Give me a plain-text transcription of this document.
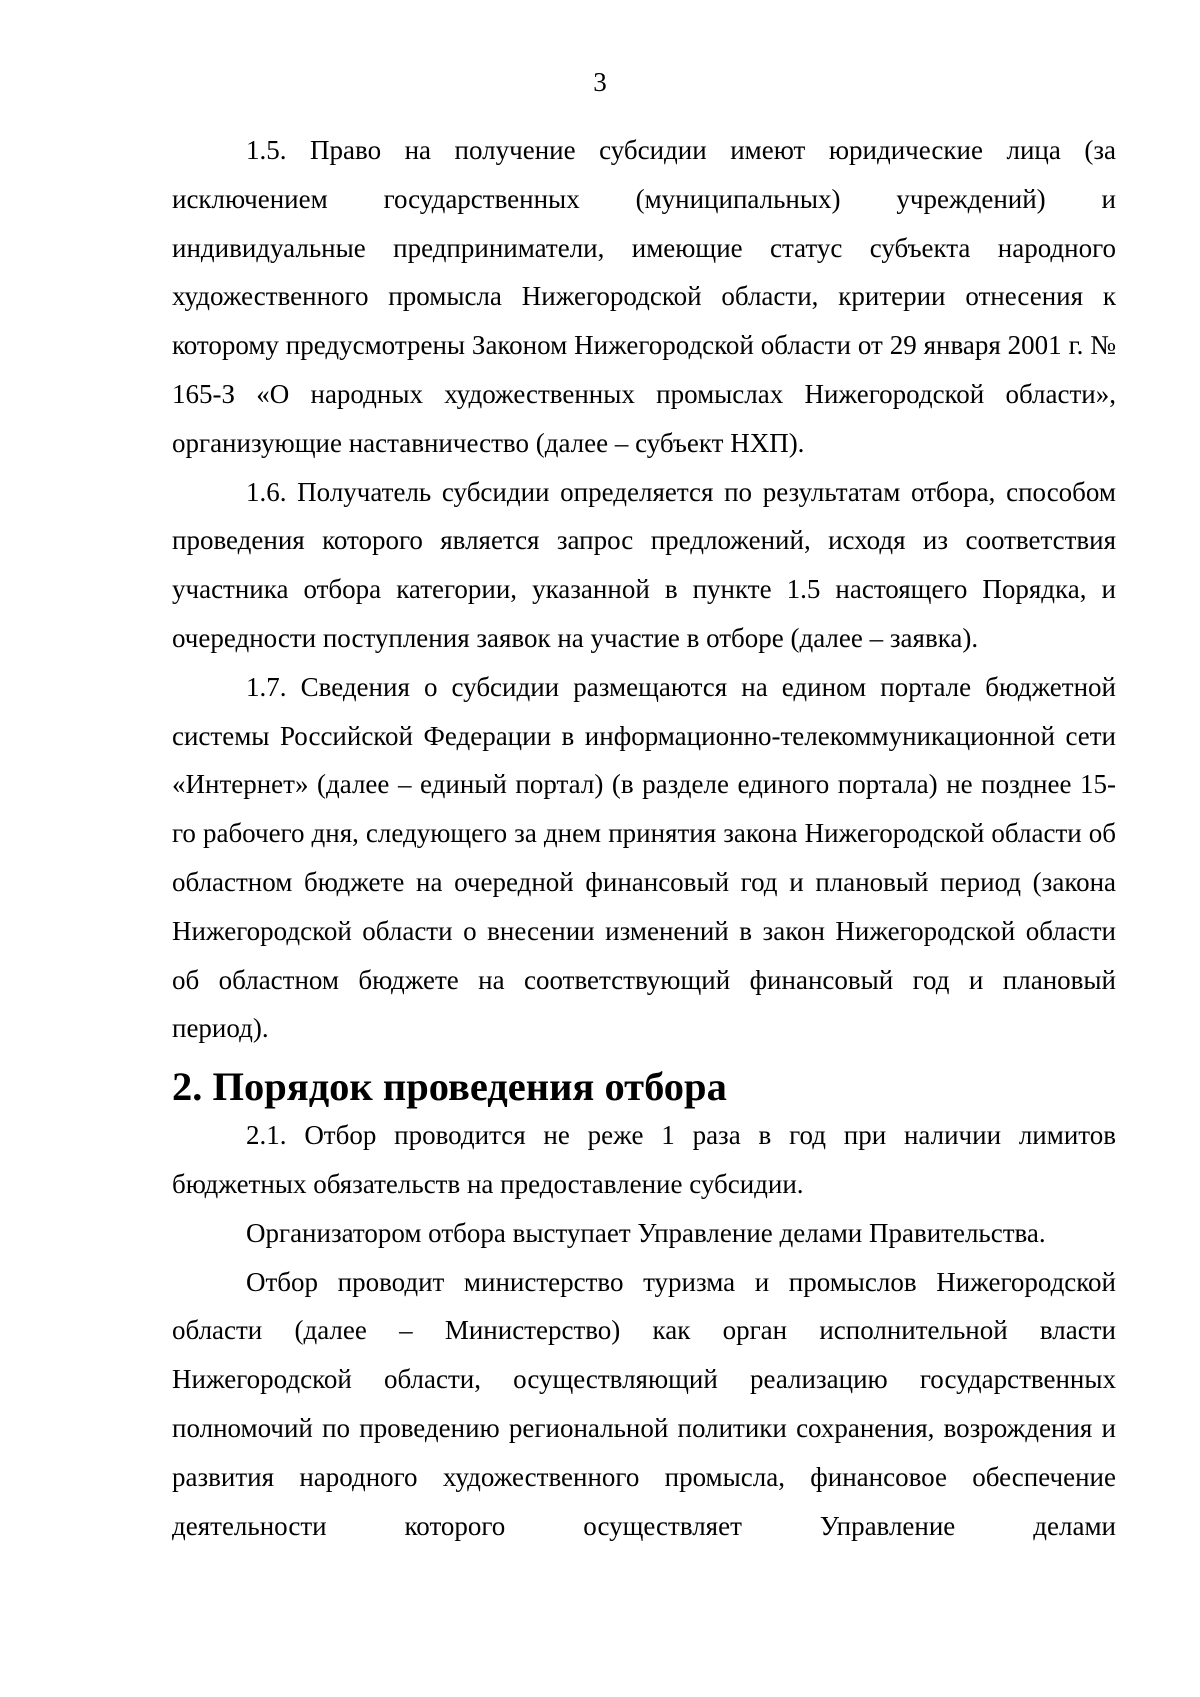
3

1.5. Право на получение субсидии имеют юридические лица (за исключением государственных (муниципальных) учреждений) и индивидуальные предприниматели, имеющие статус субъекта народного художественного промысла Нижегородской области, критерии отнесения к которому предусмотрены Законом Нижегородской области от 29 января 2001 г. № 165-З «О народных художественных промыслах Нижегородской области», организующие наставничество (далее – субъект НХП).

1.6. Получатель субсидии определяется по результатам отбора, способом проведения которого является запрос предложений, исходя из соответствия участника отбора категории, указанной в пункте 1.5 настоящего Порядка, и очередности поступления заявок на участие в отборе (далее – заявка).

1.7. Сведения о субсидии размещаются на едином портале бюджетной системы Российской Федерации в информационно-телекоммуникационной сети «Интернет» (далее – единый портал) (в разделе единого портала) не позднее 15-го рабочего дня, следующего за днем принятия закона Нижегородской области об областном бюджете на очередной финансовый год и плановый период (закона Нижегородской области о внесении изменений в закон Нижегородской области об областном бюджете на соответствующий финансовый год и плановый период).

2. Порядок проведения отбора

2.1. Отбор проводится не реже 1 раза в год при наличии лимитов бюджетных обязательств на предоставление субсидии.

Организатором отбора выступает Управление делами Правительства.

Отбор проводит министерство туризма и промыслов Нижегородской области (далее – Министерство) как орган исполнительной власти Нижегородской области, осуществляющий реализацию государственных полномочий по проведению региональной политики сохранения, возрождения и развития народного художественного промысла, финансовое обеспечение деятельности которого осуществляет Управление делами
